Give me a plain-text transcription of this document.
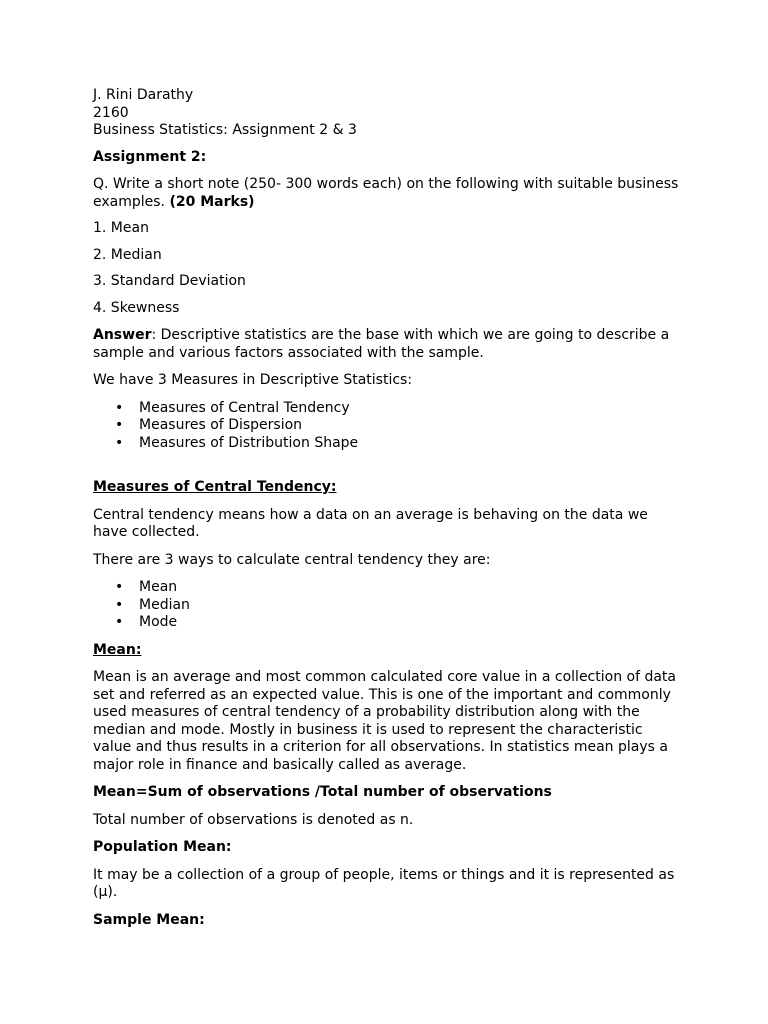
J. Rini Darathy
2160
Business Statistics: Assignment 2 & 3

Assignment 2:

Q. Write a short note (250- 300 words each) on the following with suitable business examples. (20 Marks)

1. Mean

2. Median

3. Standard Deviation

4. Skewness

Answer: Descriptive statistics are the base with which we are going to describe a sample and various factors associated with the sample.

We have 3 Measures in Descriptive Statistics:

• Measures of Central Tendency
• Measures of Dispersion
• Measures of Distribution Shape

Measures of Central Tendency:

Central tendency means how a data on an average is behaving on the data we have collected.

There are 3 ways to calculate central tendency they are:

• Mean
• Median
• Mode

Mean:

Mean is an average and most common calculated core value in a collection of data set and referred as an expected value. This is one of the important and commonly used measures of central tendency of a probability distribution along with the median and mode. Mostly in business it is used to represent the characteristic value and thus results in a criterion for all observations. In statistics mean plays a major role in finance and basically called as average.

Mean=Sum of observations /Total number of observations

Total number of observations is denoted as n.

Population Mean:

It may be a collection of a group of people, items or things and it is represented as (µ).

Sample Mean:
